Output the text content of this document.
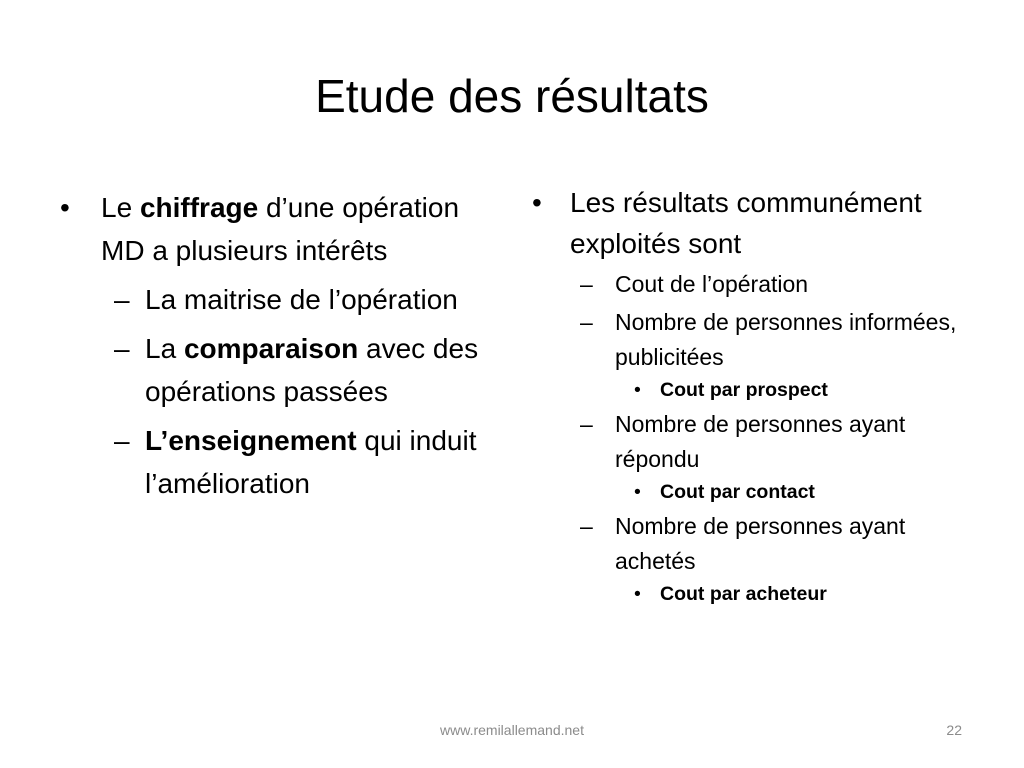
Etude des résultats
• Le chiffrage d’une opération MD a plusieurs intérêts
– La maitrise de l’opération
– La comparaison avec des opérations passées
– L’enseignement qui induit l’amélioration
• Les résultats communément exploités sont
– Cout de l’opération
– Nombre de personnes informées, publicitées
• Cout par prospect
– Nombre de personnes ayant répondu
• Cout par contact
– Nombre de personnes ayant achetés
• Cout par acheteur
www.remilallemand.net	22
